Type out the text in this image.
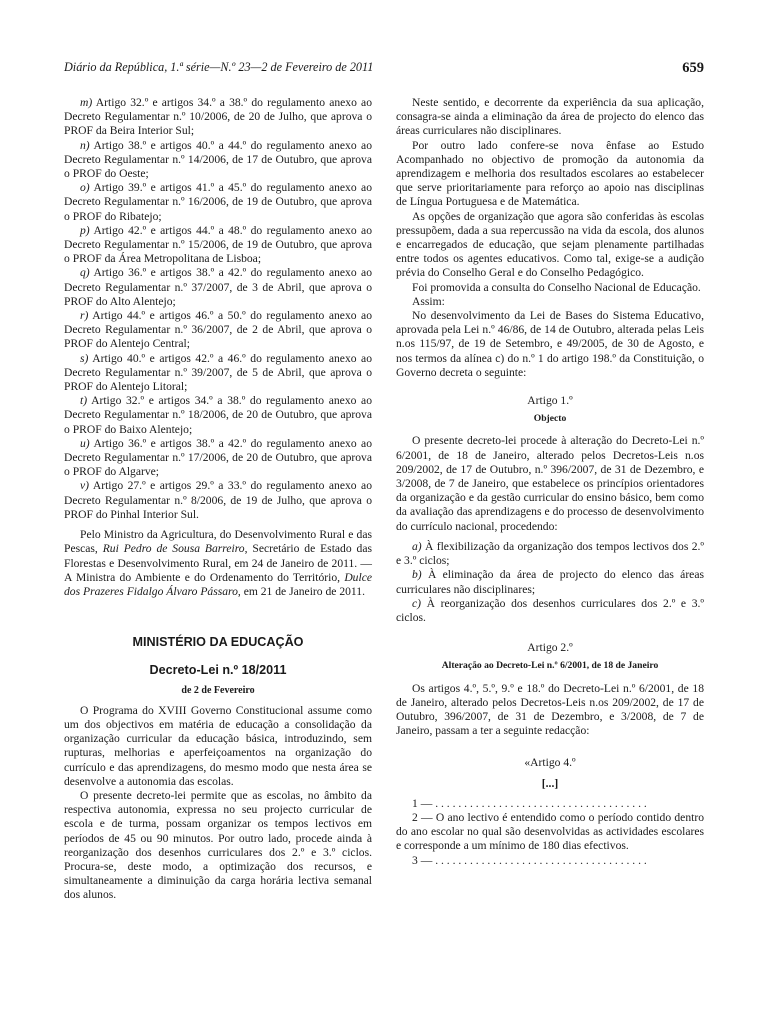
Diário da República, 1.ª série—N.º 23—2 de Fevereiro de 2011	659

m) Artigo 32.º e artigos 34.º a 38.º do regulamento anexo ao Decreto Regulamentar n.º 10/2006, de 20 de Julho, que aprova o PROF da Beira Interior Sul;

n) Artigo 38.º e artigos 40.º a 44.º do regulamento anexo ao Decreto Regulamentar n.º 14/2006, de 17 de Outubro, que aprova o PROF do Oeste;

o) Artigo 39.º e artigos 41.º a 45.º do regulamento anexo ao Decreto Regulamentar n.º 16/2006, de 19 de Outubro, que aprova o PROF do Ribatejo;

p) Artigo 42.º e artigos 44.º a 48.º do regulamento anexo ao Decreto Regulamentar n.º 15/2006, de 19 de Outubro, que aprova o PROF da Área Metropolitana de Lisboa;

q) Artigo 36.º e artigos 38.º a 42.º do regulamento anexo ao Decreto Regulamentar n.º 37/2007, de 3 de Abril, que aprova o PROF do Alto Alentejo;

r) Artigo 44.º e artigos 46.º a 50.º do regulamento anexo ao Decreto Regulamentar n.º 36/2007, de 2 de Abril, que aprova o PROF do Alentejo Central;

s) Artigo 40.º e artigos 42.º a 46.º do regulamento anexo ao Decreto Regulamentar n.º 39/2007, de 5 de Abril, que aprova o PROF do Alentejo Litoral;

t) Artigo 32.º e artigos 34.º a 38.º do regulamento anexo ao Decreto Regulamentar n.º 18/2006, de 20 de Outubro, que aprova o PROF do Baixo Alentejo;

u) Artigo 36.º e artigos 38.º a 42.º do regulamento anexo ao Decreto Regulamentar n.º 17/2006, de 20 de Outubro, que aprova o PROF do Algarve;

v) Artigo 27.º e artigos 29.º a 33.º do regulamento anexo ao Decreto Regulamentar n.º 8/2006, de 19 de Julho, que aprova o PROF do Pinhal Interior Sul.

Pelo Ministro da Agricultura, do Desenvolvimento Rural e das Pescas, Rui Pedro de Sousa Barreiro, Secretário de Estado das Florestas e Desenvolvimento Rural, em 24 de Janeiro de 2011. — A Ministra do Ambiente e do Ordenamento do Território, Dulce dos Prazeres Fidalgo Álvaro Pássaro, em 21 de Janeiro de 2011.

MINISTÉRIO DA EDUCAÇÃO
Decreto-Lei n.º 18/2011
de 2 de Fevereiro

O Programa do XVIII Governo Constitucional assume como um dos objectivos em matéria de educação a consolidação da organização curricular da educação básica, introduzindo, sem rupturas, melhorias e aperfeiçoamentos na organização do currículo e das aprendizagens, do mesmo modo que nesta área se desenvolve a autonomia das escolas.

O presente decreto-lei permite que as escolas, no âmbito da respectiva autonomia, expressa no seu projecto curricular de escola e de turma, possam organizar os tempos lectivos em períodos de 45 ou 90 minutos. Por outro lado, procede ainda à reorganização dos desenhos curriculares dos 2.º e 3.º ciclos. Procura-se, deste modo, a optimização dos recursos, e simultaneamente a diminuição da carga horária lectiva semanal dos alunos.

Neste sentido, e decorrente da experiência da sua aplicação, consagra-se ainda a eliminação da área de projecto do elenco das áreas curriculares não disciplinares.

Por outro lado confere-se nova ênfase ao Estudo Acompanhado no objectivo de promoção da autonomia da aprendizagem e melhoria dos resultados escolares ao estabelecer que serve prioritariamente para reforço ao apoio nas disciplinas de Língua Portuguesa e de Matemática.

As opções de organização que agora são conferidas às escolas pressupõem, dada a sua repercussão na vida da escola, dos alunos e encarregados de educação, que sejam plenamente partilhadas entre todos os agentes educativos. Como tal, exige-se a audição prévia do Conselho Geral e do Conselho Pedagógico.

Foi promovida a consulta do Conselho Nacional de Educação.

Assim:

No desenvolvimento da Lei de Bases do Sistema Educativo, aprovada pela Lei n.º 46/86, de 14 de Outubro, alterada pelas Leis n.os 115/97, de 19 de Setembro, e 49/2005, de 30 de Agosto, e nos termos da alínea c) do n.º 1 do artigo 198.º da Constituição, o Governo decreta o seguinte:

Artigo 1.º
Objecto

O presente decreto-lei procede à alteração do Decreto-Lei n.º 6/2001, de 18 de Janeiro, alterado pelos Decretos-Leis n.os 209/2002, de 17 de Outubro, n.º 396/2007, de 31 de Dezembro, e 3/2008, de 7 de Janeiro, que estabelece os princípios orientadores da organização e da gestão curricular do ensino básico, bem como da avaliação das aprendizagens e do processo de desenvolvimento do currículo nacional, procedendo:

a) À flexibilização da organização dos tempos lectivos dos 2.º e 3.º ciclos;

b) À eliminação da área de projecto do elenco das áreas curriculares não disciplinares;

c) À reorganização dos desenhos curriculares dos 2.º e 3.º ciclos.

Artigo 2.º
Alteração ao Decreto-Lei n.º 6/2001, de 18 de Janeiro

Os artigos 4.º, 5.º, 9.º e 18.º do Decreto-Lei n.º 6/2001, de 18 de Janeiro, alterado pelos Decretos-Leis n.os 209/2002, de 17 de Outubro, 396/2007, de 31 de Dezembro, e 3/2008, de 7 de Janeiro, passam a ter a seguinte redacção:

«Artigo 4.º
[...]

1 — . . . . . . . . . . . . . . . . . . . . . . . . . . . . . . . . . . . . .

2 — O ano lectivo é entendido como o período contido dentro do ano escolar no qual são desenvolvidas as actividades escolares e corresponde a um mínimo de 180 dias efectivos.

3 — . . . . . . . . . . . . . . . . . . . . . . . . . . . . . . . . . . . . .
